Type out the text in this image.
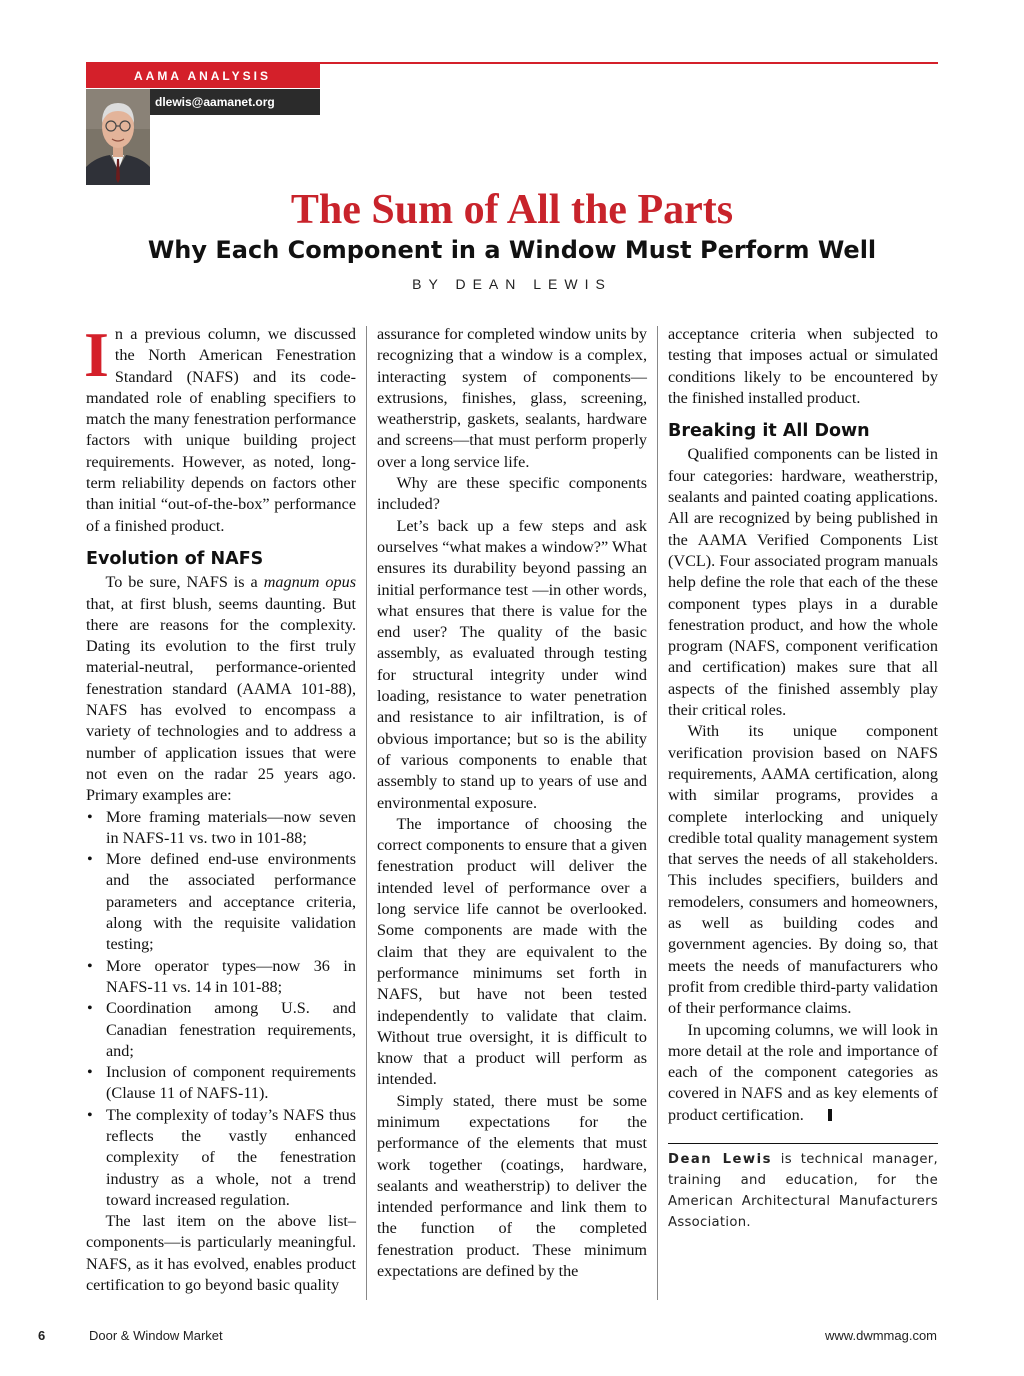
AAMA ANALYSIS
dlewis@aamanet.org
The Sum of All the Parts
Why Each Component in a Window Must Perform Well
BY DEAN LEWIS

In a previous column, we discussed the North American Fenestration Standard (NAFS) and its code-mandated role of enabling specifiers to match the many fenestration performance factors with unique building project requirements. However, as noted, long-term reliability depends on factors other than initial “out-of-the-box” performance of a finished product.

Evolution of NAFS

To be sure, NAFS is a magnum opus that, at first blush, seems daunting. But there are reasons for the complexity. Dating its evolution to the first truly material-neutral, performance-oriented fenestration standard (AAMA 101-88), NAFS has evolved to encompass a variety of technologies and to address a number of application issues that were not even on the radar 25 years ago. Primary examples are:

• More framing materials—now seven in NAFS-11 vs. two in 101-88;
• More defined end-use environments and the associated performance parameters and acceptance criteria, along with the requisite validation testing;
• More operator types—now 36 in NAFS-11 vs. 14 in 101-88;
• Coordination among U.S. and Canadian fenestration requirements, and;
• Inclusion of component requirements (Clause 11 of NAFS-11).
• The complexity of today’s NAFS thus reflects the vastly enhanced complexity of the fenestration industry as a whole, not a trend toward increased regulation.

The last item on the above list–components—is particularly meaningful. NAFS, as it has evolved, enables product certification to go beyond basic quality

assurance for completed window units by recognizing that a window is a complex, interacting system of components—extrusions, finishes, glass, screening, weatherstrip, gaskets, sealants, hardware and screens—that must perform properly over a long service life.

Why are these specific components included?

Let’s back up a few steps and ask ourselves “what makes a window?” What ensures its durability beyond passing an initial performance test —in other words, what ensures that there is value for the end user? The quality of the basic assembly, as evaluated through testing for structural integrity under wind loading, resistance to water penetration and resistance to air infiltration, is of obvious importance; but so is the ability of various components to enable that assembly to stand up to years of use and environmental exposure.

The importance of choosing the correct components to ensure that a given fenestration product will deliver the intended level of performance over a long service life cannot be overlooked. Some components are made with the claim that they are equivalent to the performance minimums set forth in NAFS, but have not been tested independently to validate that claim. Without true oversight, it is difficult to know that a product will perform as intended.

Simply stated, there must be some minimum expectations for the performance of the elements that must work together (coatings, hardware, sealants and weatherstrip) to deliver the intended performance and link them to the function of the completed fenestration product. These minimum expectations are defined by the

acceptance criteria when subjected to testing that imposes actual or simulated conditions likely to be encountered by the finished installed product.

Breaking it All Down

Qualified components can be listed in four categories: hardware, weatherstrip, sealants and painted coating applications. All are recognized by being published in the AAMA Verified Components List (VCL). Four associated program manuals help define the role that each of the these component types plays in a durable fenestration product, and how the whole program (NAFS, component verification and certification) makes sure that all aspects of the finished assembly play their critical roles.

With its unique component verification provision based on NAFS requirements, AAMA certification, along with similar programs, provides a complete interlocking and uniquely credible total quality management system that serves the needs of all stakeholders. This includes specifiers, builders and remodelers, consumers and homeowners, as well as building codes and government agencies. By doing so, that meets the needs of manufacturers who profit from credible third-party validation of their performance claims.

In upcoming columns, we will look in more detail at the role and importance of each of the component categories as covered in NAFS and as key elements of product certification.

Dean Lewis is technical manager, training and education, for the American Architectural Manufacturers Association.

6	Door & Window Market	www.dwmmag.com
